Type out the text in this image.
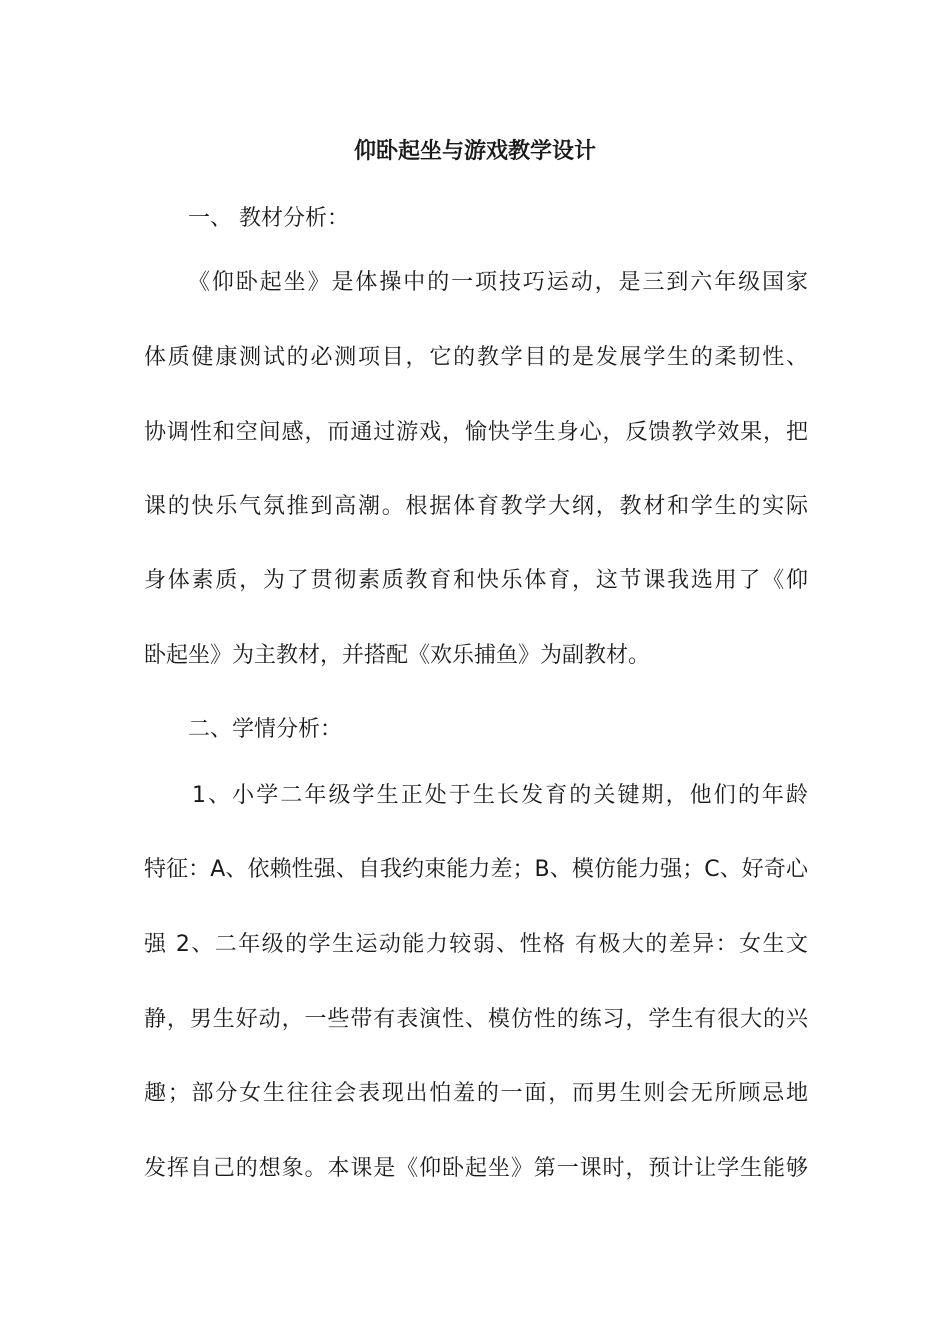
仰卧起坐与游戏教学设计
一、 教材分析：
《仰卧起坐》是体操中的一项技巧运动，是三到六年级国家
体质健康测试的必测项目，它的教学目的是发展学生的柔韧性、
协调性和空间感，而通过游戏，愉快学生身心，反馈教学效果，把
课的快乐气氛推到高潮。根据体育教学大纲，教材和学生的实际
身体素质，为了贯彻素质教育和快乐体育，这节课我选用了《仰
卧起坐》为主教材，并搭配《欢乐捕鱼》为副教材。
二、学情分析：
1、小学二年级学生正处于生长发育的关键期，他们的年龄
特征：A、依赖性强、自我约束能力差；B、模仿能力强；C、好奇心
强 2、二年级的学生运动能力较弱、性格 有极大的差异：女生文
静，男生好动，一些带有表演性、模仿性的练习，学生有很大的兴
趣；部分女生往往会表现出怕羞的一面，而男生则会无所顾忌地
发挥自己的想象。本课是《仰卧起坐》第一课时，预计让学生能够
